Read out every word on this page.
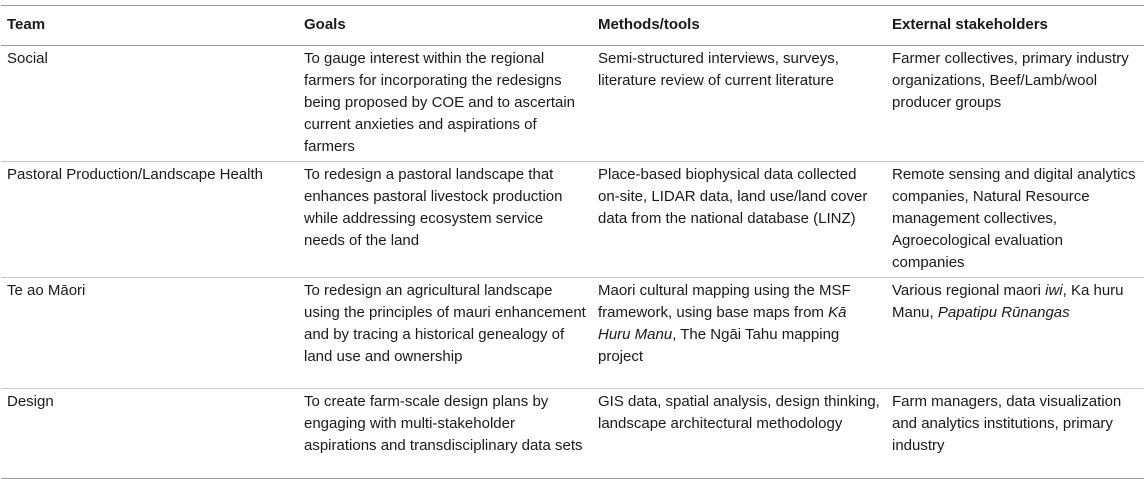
Team	Goals	Methods/tools	External stakeholders
Social	To gauge interest within the regional farmers for incorporating the redesigns being proposed by COE and to ascertain current anxieties and aspirations of farmers	Semi-structured interviews, surveys, literature review of current literature	Farmer collectives, primary industry organizations, Beef/Lamb/wool producer groups
Pastoral Production/Landscape Health	To redesign a pastoral landscape that enhances pastoral livestock production while addressing ecosystem service needs of the land	Place-based biophysical data collected on-site, LIDAR data, land use/land cover data from the national database (LINZ)	Remote sensing and digital analytics companies, Natural Resource management collectives, Agroecological evaluation companies
Te ao Māori	To redesign an agricultural landscape using the principles of mauri enhancement and by tracing a historical genealogy of land use and ownership	Maori cultural mapping using the MSF framework, using base maps from Kā Huru Manu, The Ngāi Tahu mapping project	Various regional maori iwi, Ka huru Manu, Papatipu Rūnangas
Design	To create farm-scale design plans by engaging with multi-stakeholder aspirations and transdisciplinary data sets	GIS data, spatial analysis, design thinking, landscape architectural methodology	Farm managers, data visualization and analytics institutions, primary industry
